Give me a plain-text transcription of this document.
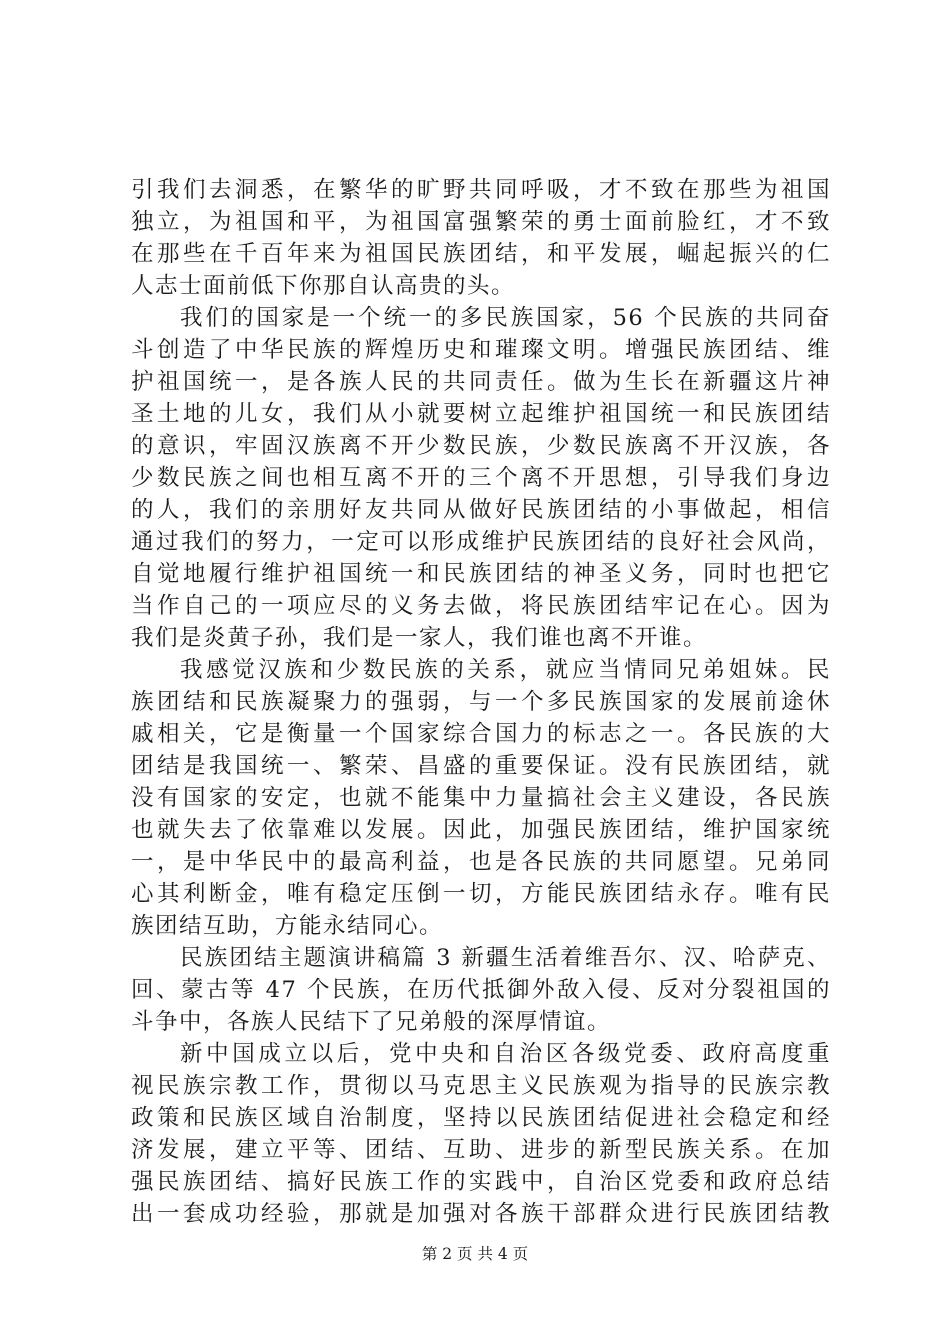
引我们去洞悉，在繁华的旷野共同呼吸，才不致在那些为祖国
独立，为祖国和平，为祖国富强繁荣的勇士面前脸红，才不致
在那些在千百年来为祖国民族团结，和平发展，崛起振兴的仁
人志士面前低下你那自认高贵的头。
我们的国家是一个统一的多民族国家，56 个民族的共同奋
斗创造了中华民族的辉煌历史和璀璨文明。增强民族团结、维
护祖国统一，是各族人民的共同责任。做为生长在新疆这片神
圣土地的儿女，我们从小就要树立起维护祖国统一和民族团结
的意识，牢固汉族离不开少数民族，少数民族离不开汉族，各
少数民族之间也相互离不开的三个离不开思想，引导我们身边
的人，我们的亲朋好友共同从做好民族团结的小事做起，相信
通过我们的努力，一定可以形成维护民族团结的良好社会风尚，
自觉地履行维护祖国统一和民族团结的神圣义务，同时也把它
当作自己的一项应尽的义务去做，将民族团结牢记在心。因为
我们是炎黄子孙，我们是一家人，我们谁也离不开谁。
我感觉汉族和少数民族的关系，就应当情同兄弟姐妹。民
族团结和民族凝聚力的强弱，与一个多民族国家的发展前途休
戚相关，它是衡量一个国家综合国力的标志之一。各民族的大
团结是我国统一、繁荣、昌盛的重要保证。没有民族团结，就
没有国家的安定，也就不能集中力量搞社会主义建设，各民族
也就失去了依靠难以发展。因此，加强民族团结，维护国家统
一，是中华民中的最高利益，也是各民族的共同愿望。兄弟同
心其利断金，唯有稳定压倒一切，方能民族团结永存。唯有民
族团结互助，方能永结同心。
民族团结主题演讲稿篇 3 新疆生活着维吾尔、汉、哈萨克、
回、蒙古等 47 个民族，在历代抵御外敌入侵、反对分裂祖国的
斗争中，各族人民结下了兄弟般的深厚情谊。
新中国成立以后，党中央和自治区各级党委、政府高度重
视民族宗教工作，贯彻以马克思主义民族观为指导的民族宗教
政策和民族区域自治制度，坚持以民族团结促进社会稳定和经
济发展，建立平等、团结、互助、进步的新型民族关系。在加
强民族团结、搞好民族工作的实践中，自治区党委和政府总结
出一套成功经验，那就是加强对各族干部群众进行民族团结教
第 2 页 共 4 页
